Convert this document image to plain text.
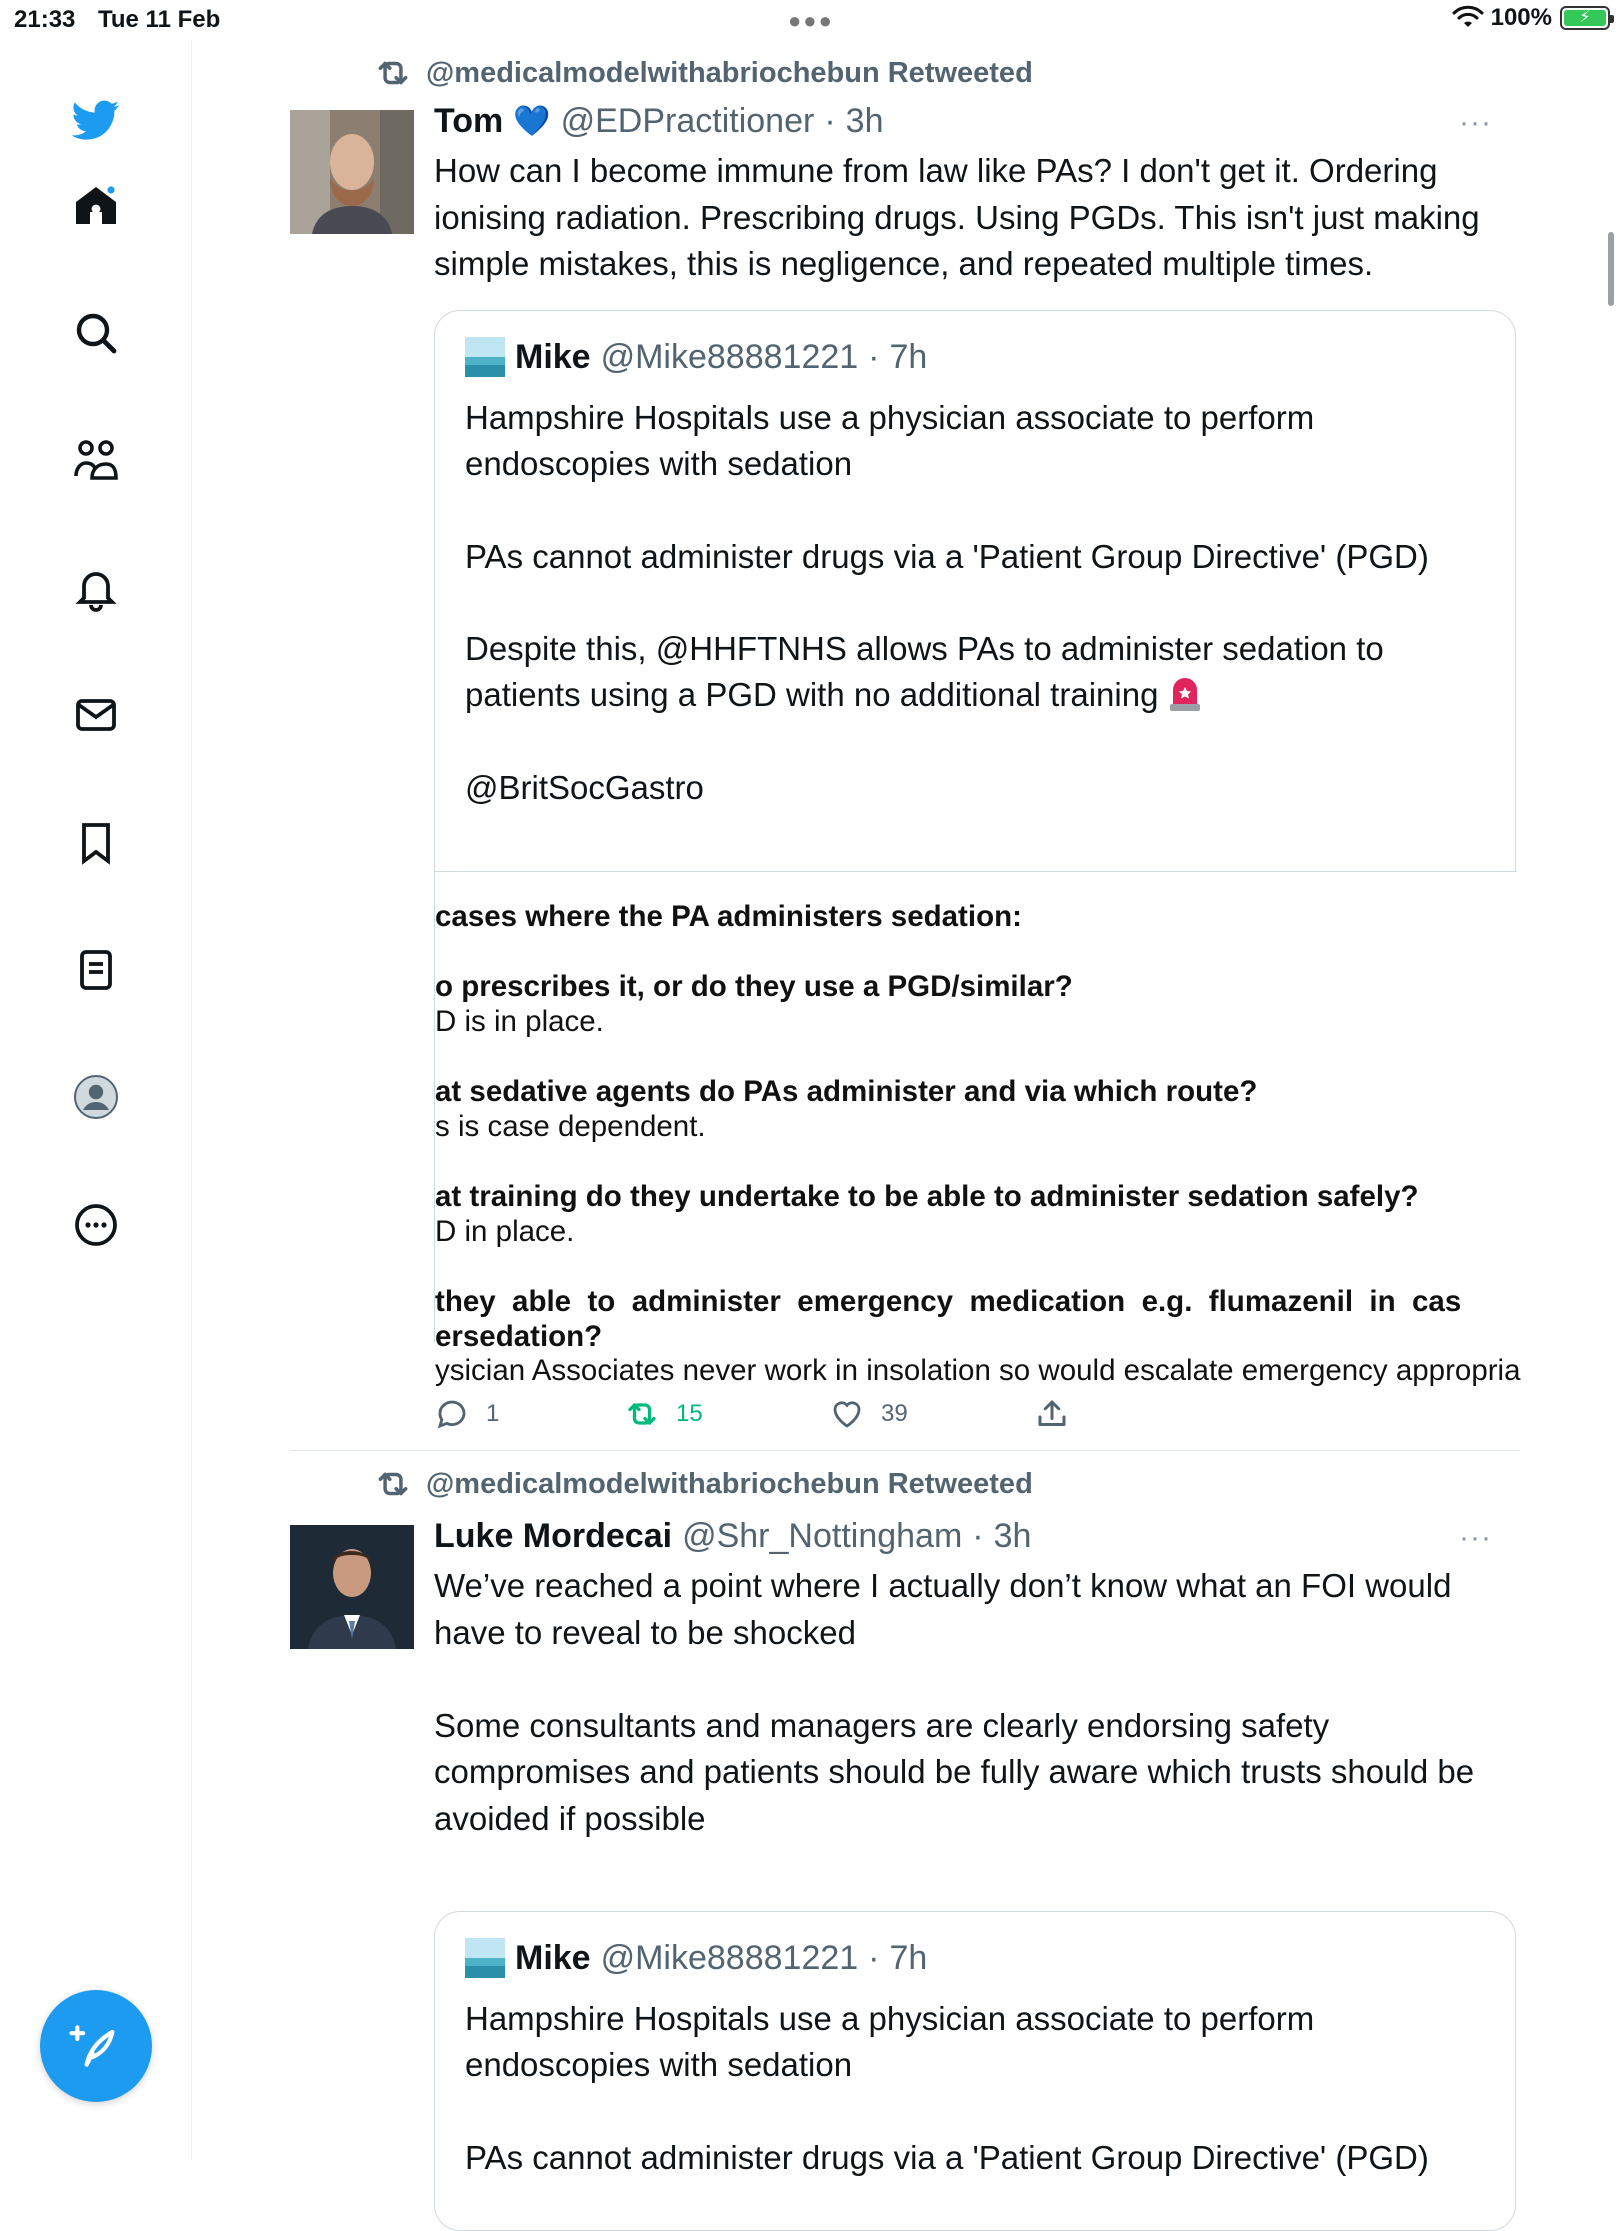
21:33 Tue 11 Feb	●●●	100%	⚡
@medicalmodelwithabriochebun Retweeted
Tom 💙 @EDPractitioner · 3h	···
How can I become immune from law like PAs? I don't get it. Ordering ionising radiation. Prescribing drugs. Using PGDs. This isn't just making simple mistakes, this is negligence, and repeated multiple times.
Mike @Mike88881221 · 7h
Hampshire Hospitals use a physician associate to perform endoscopies with sedation

PAs cannot administer drugs via a 'Patient Group Directive' (PGD)

Despite this, @HHFTNHS allows PAs to administer sedation to patients using a PGD with no additional training

@BritSocGastro
cases where the PA administers sedation:
o prescribes it, or do they use a PGD/similar?
D is in place.
at sedative agents do PAs administer and via which route?
s is case dependent.
at training do they undertake to be able to administer sedation safely?
D in place.
they  able  to  administer  emergency  medication  e.g.  flumazenil  in  cas
ersedation?
ysician Associates never work in insolation so would escalate emergency appropria
1	15	39
@medicalmodelwithabriochebun Retweeted
Luke Mordecai @Shr_Nottingham · 3h	···
We’ve reached a point where I actually don’t know what an FOI would have to reveal to be shocked

Some consultants and managers are clearly endorsing safety compromises and patients should be fully aware which trusts should be avoided if possible
Mike @Mike88881221 · 7h
Hampshire Hospitals use a physician associate to perform endoscopies with sedation

PAs cannot administer drugs via a 'Patient Group Directive' (PGD)
